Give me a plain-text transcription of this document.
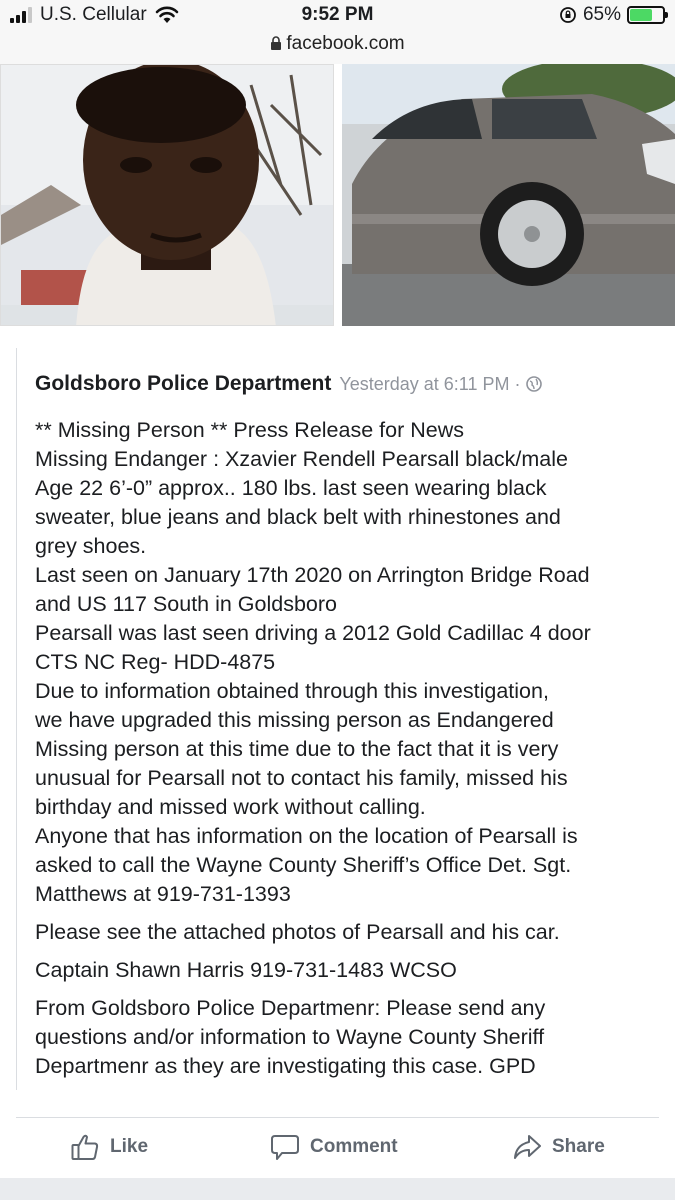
U.S. Cellular	9:52 PM	65%
facebook.com
Goldsboro Police Department Yesterday at 6:11 PM ·

** Missing Person ** Press Release for News
Missing Endanger : Xzavier Rendell Pearsall black/male
Age 22 6’-0” approx.. 180 lbs. last seen wearing black
sweater, blue jeans and black belt with rhinestones and
grey shoes.
Last seen on January 17th 2020 on Arrington Bridge Road
and US 117 South in Goldsboro
Pearsall was last seen driving a 2012 Gold Cadillac 4 door
CTS NC Reg- HDD-4875
Due to information obtained through this investigation,
we have upgraded this missing person as Endangered
Missing person at this time due to the fact that it is very
unusual for Pearsall not to contact his family, missed his
birthday and missed work without calling.
Anyone that has information on the location of Pearsall is
asked to call the Wayne County Sheriff’s Office Det. Sgt.
Matthews at 919-731-1393

Please see the attached photos of Pearsall and his car.

Captain Shawn Harris 919-731-1483 WCSO

From Goldsboro Police Departmenr: Please send any
questions and/or information to Wayne County Sheriff
Departmenr as they are investigating this case. GPD

Like	Comment	Share
